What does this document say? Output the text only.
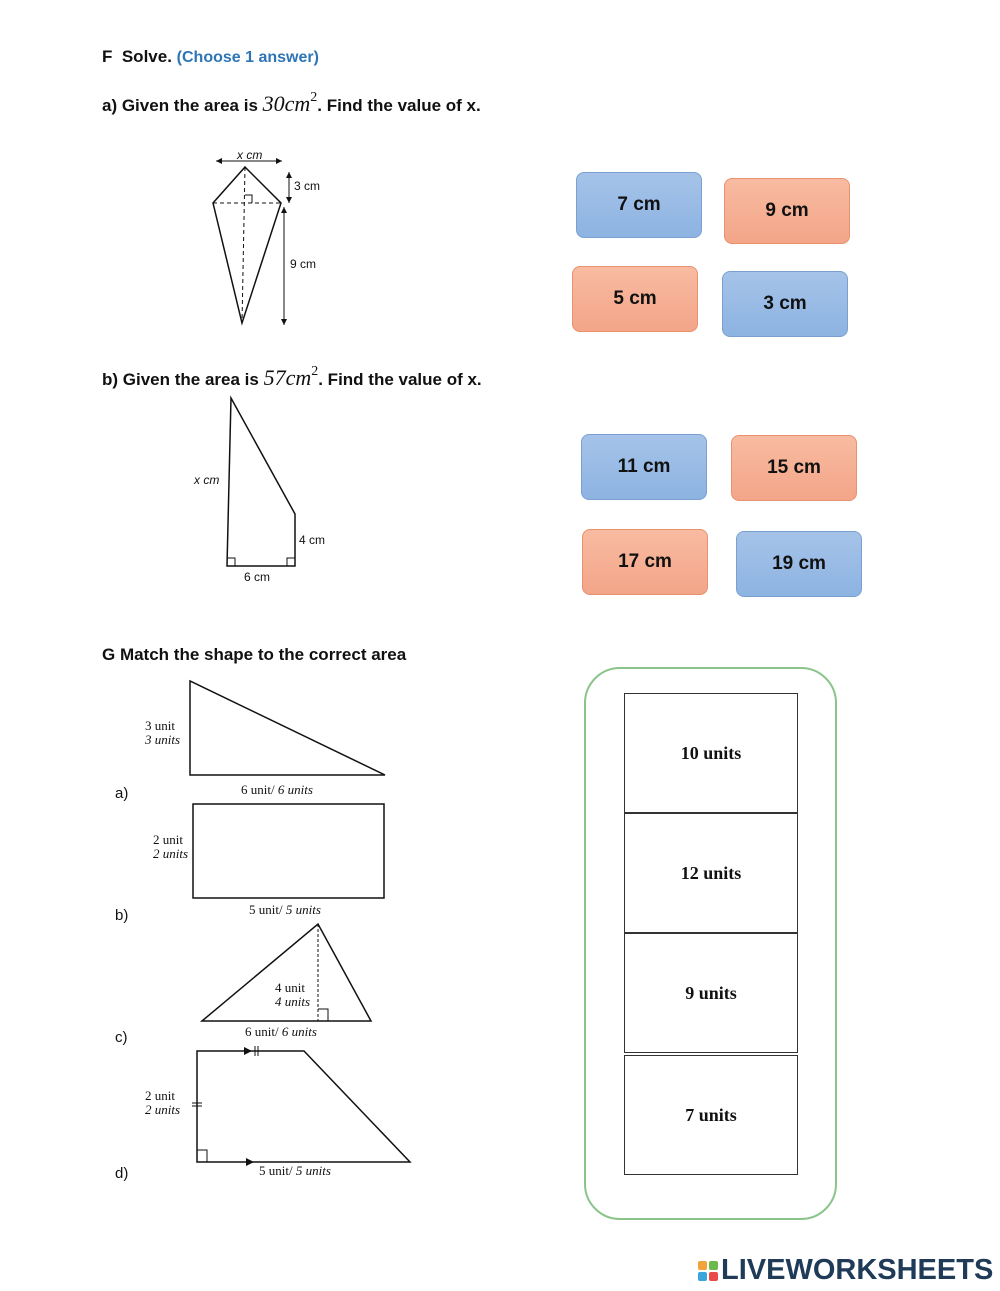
F Solve. (Choose 1 answer)
a) Given the area is $30cm^2$. Find the value of x.
x cm
3 cm
9 cm
7 cm	9 cm
5 cm	3 cm
b) Given the area is $57cm^2$. Find the value of x.
x cm
4 cm
6 cm
11 cm	15 cm
17 cm	19 cm
G Match the shape to the correct area
3 unit
3 units
6 unit/ 6 units
a)
2 unit
2 units
5 unit/ 5 units
b)
4 unit
4 units
6 unit/ 6 units
c)
2 unit
2 units
5 unit/ 5 units
d)
10 units
12 units
9 units
7 units
LIVEWORKSHEETS
